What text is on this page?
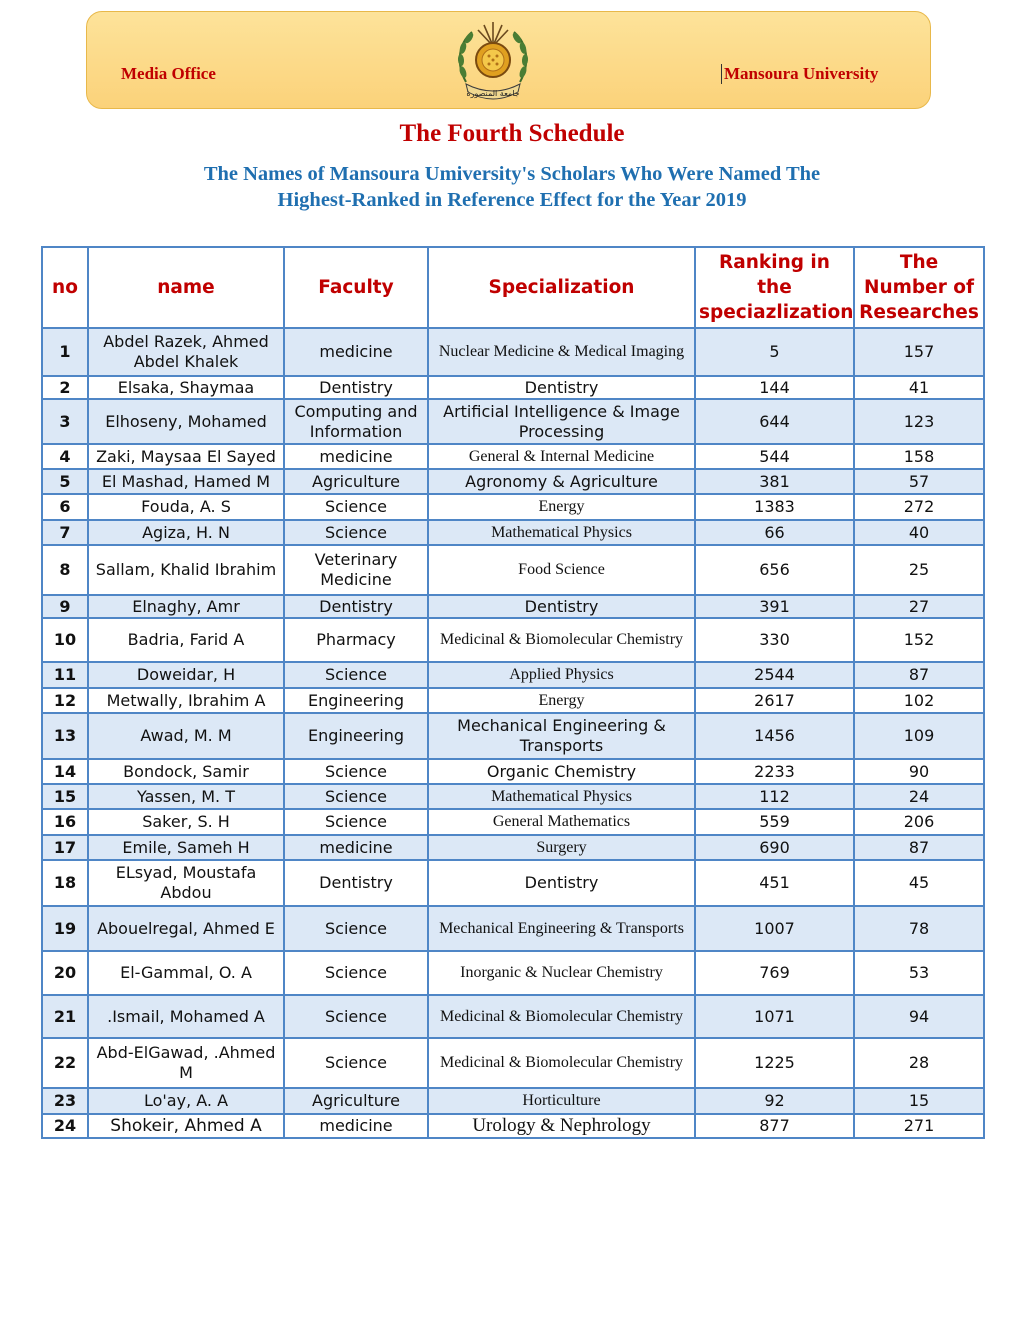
Media Office
جامعة المنصورة
Mansoura University
The Fourth Schedule
The Names of Mansoura Umiversity's Scholars Who Were Named The
Highest-Ranked in Reference Effect for the Year 2019
no	name	Faculty	Specialization	Ranking in the speciazlization	The Number of Researches
1	Abdel Razek, Ahmed Abdel Khalek	medicine	Nuclear Medicine & Medical Imaging	5	157
2	Elsaka, Shaymaa	Dentistry	Dentistry	144	41
3	Elhoseny, Mohamed	Computing and Information	Artificial Intelligence & Image Processing	644	123
4	Zaki, Maysaa El Sayed	medicine	General & Internal Medicine	544	158
5	El Mashad, Hamed M	Agriculture	Agronomy & Agriculture	381	57
6	Fouda, A. S	Science	Energy	1383	272
7	Agiza, H. N	Science	Mathematical Physics	66	40
8	Sallam, Khalid Ibrahim	Veterinary Medicine	Food Science	656	25
9	Elnaghy, Amr	Dentistry	Dentistry	391	27
10	Badria, Farid A	Pharmacy	Medicinal & Biomolecular Chemistry	330	152
11	Doweidar, H	Science	Applied Physics	2544	87
12	Metwally, Ibrahim A	Engineering	Energy	2617	102
13	Awad, M. M	Engineering	Mechanical Engineering & Transports	1456	109
14	Bondock, Samir	Science	Organic Chemistry	2233	90
15	Yassen, M. T	Science	Mathematical Physics	112	24
16	Saker, S. H	Science	General Mathematics	559	206
17	Emile, Sameh H	medicine	Surgery	690	87
18	ELsyad, Moustafa Abdou	Dentistry	Dentistry	451	45
19	Abouelregal, Ahmed E	Science	Mechanical Engineering & Transports	1007	78
20	El-Gammal, O. A	Science	Inorganic & Nuclear Chemistry	769	53
21	.Ismail, Mohamed A	Science	Medicinal & Biomolecular Chemistry	1071	94
22	Abd-ElGawad, .Ahmed M	Science	Medicinal & Biomolecular Chemistry	1225	28
23	Lo'ay, A. A	Agriculture	Horticulture	92	15
24	Shokeir, Ahmed A	medicine	Urology & Nephrology	877	271
